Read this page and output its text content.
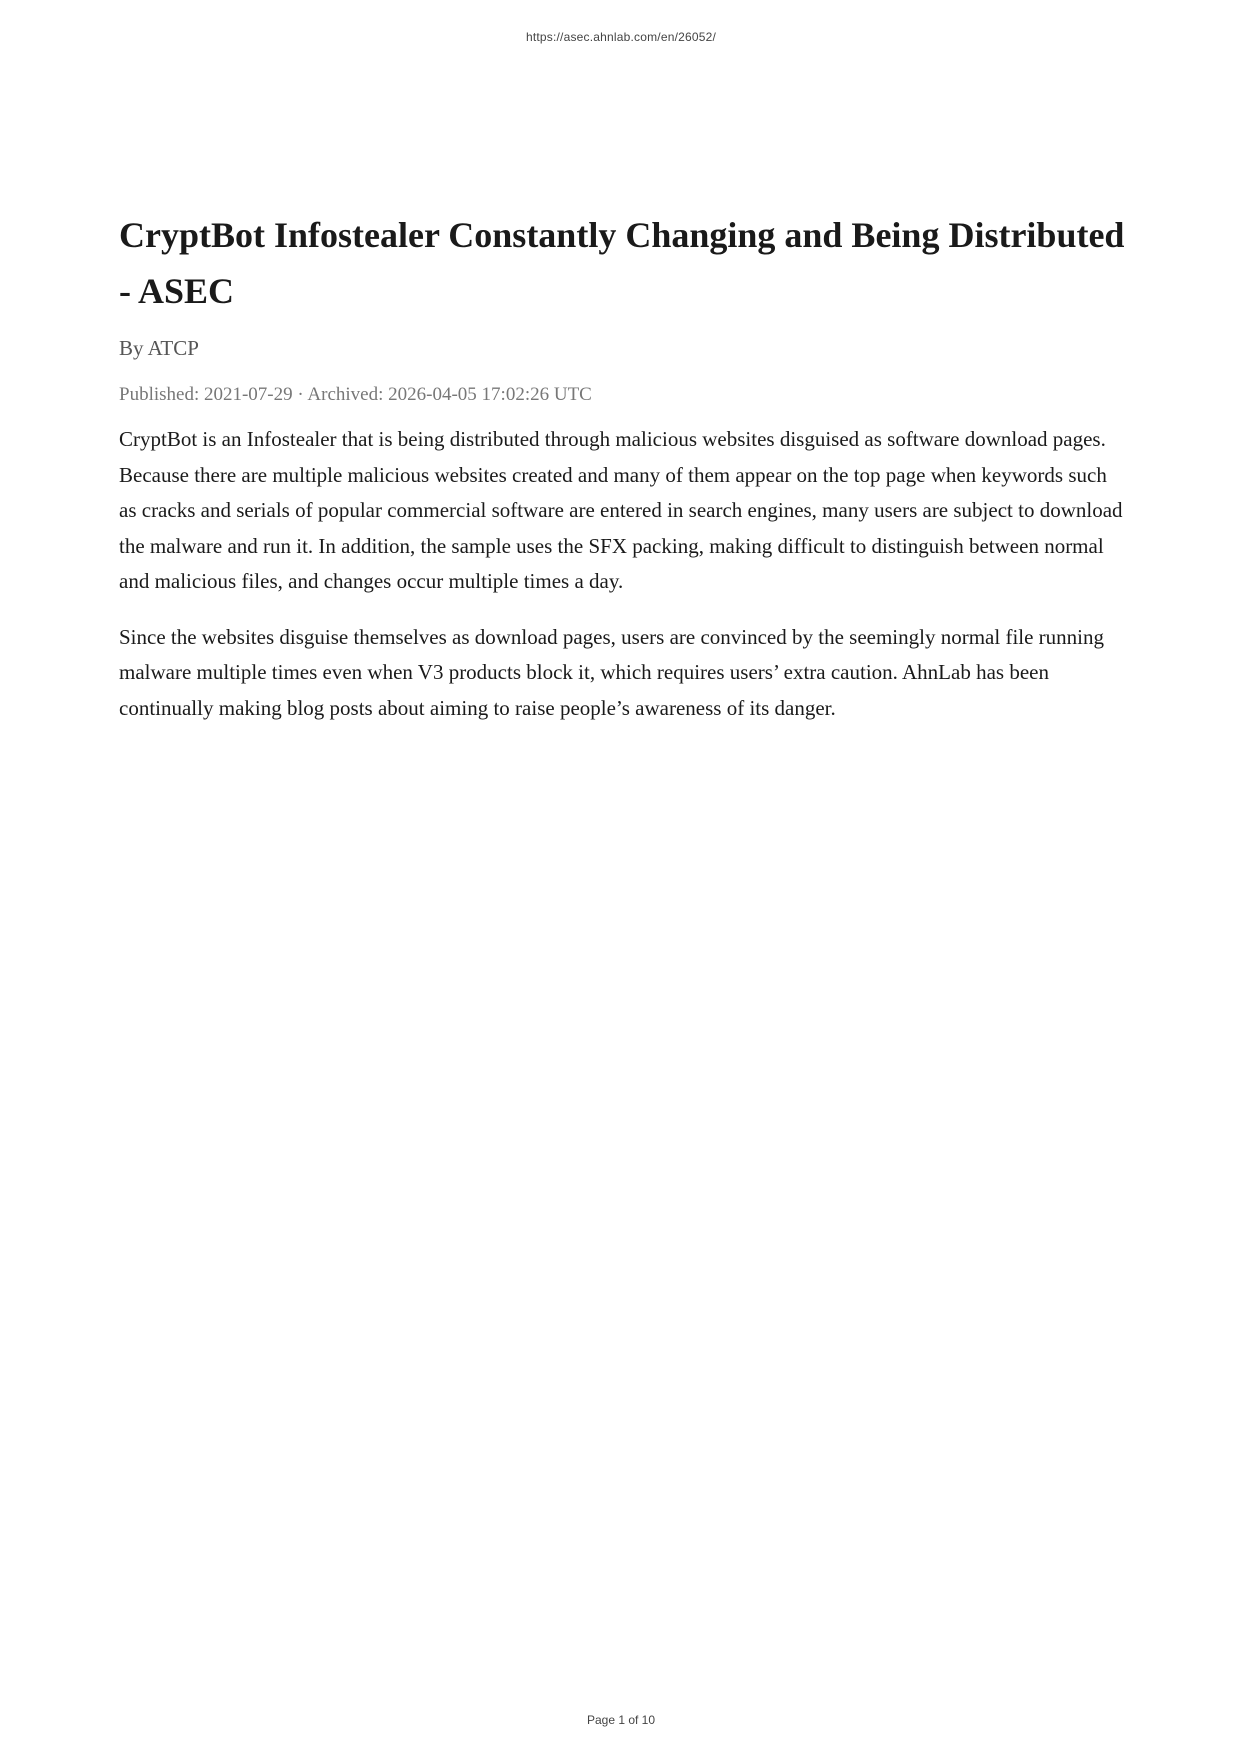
https://asec.ahnlab.com/en/26052/
CryptBot Infostealer Constantly Changing and Being Distributed - ASEC
By ATCP
Published: 2021-07-29 · Archived: 2026-04-05 17:02:26 UTC

CryptBot is an Infostealer that is being distributed through malicious websites disguised as software download pages. Because there are multiple malicious websites created and many of them appear on the top page when keywords such as cracks and serials of popular commercial software are entered in search engines, many users are subject to download the malware and run it. In addition, the sample uses the SFX packing, making difficult to distinguish between normal and malicious files, and changes occur multiple times a day.

Since the websites disguise themselves as download pages, users are convinced by the seemingly normal file running malware multiple times even when V3 products block it, which requires users’ extra caution. AhnLab has been continually making blog posts about aiming to raise people’s awareness of its danger.

Page 1 of 10
